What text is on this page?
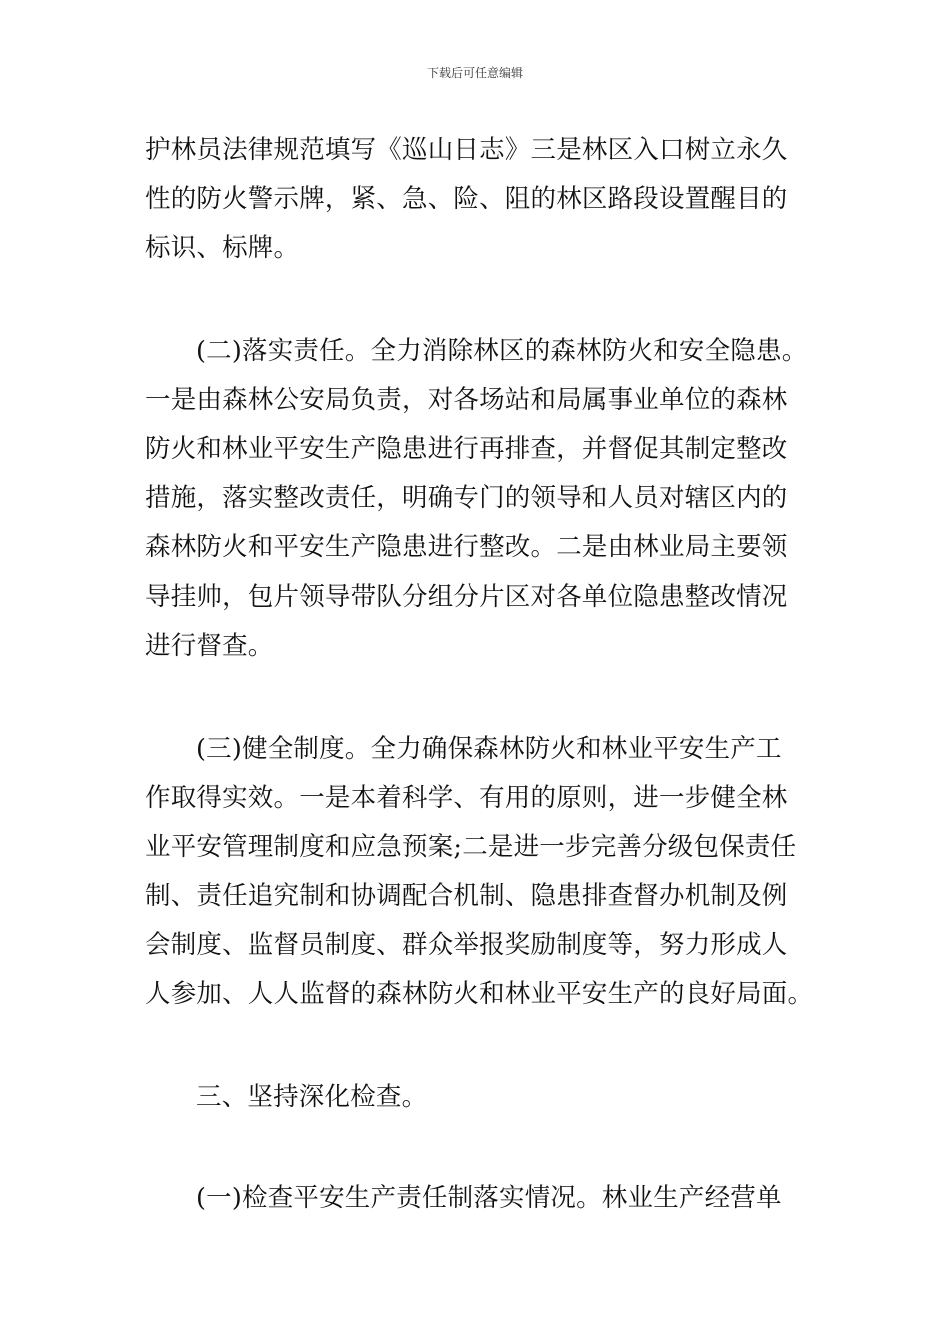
下载后可任意编辑
护林员法律规范填写《巡山日志》三是林区入口树立永久
性的防火警示牌，紧、急、险、阻的林区路段设置醒目的
标识、标牌。
(二)落实责任。全力消除林区的森林防火和安全隐患。
一是由森林公安局负责，对各场站和局属事业单位的森林
防火和林业平安生产隐患进行再排查，并督促其制定整改
措施，落实整改责任，明确专门的领导和人员对辖区内的
森林防火和平安生产隐患进行整改。二是由林业局主要领
导挂帅，包片领导带队分组分片区对各单位隐患整改情况
进行督查。
(三)健全制度。全力确保森林防火和林业平安生产工
作取得实效。一是本着科学、有用的原则，进一步健全林
业平安管理制度和应急预案;二是进一步完善分级包保责任
制、责任追究制和协调配合机制、隐患排查督办机制及例
会制度、监督员制度、群众举报奖励制度等，努力形成人
人参加、人人监督的森林防火和林业平安生产的良好局面。
三、坚持深化检查。
(一)检查平安生产责任制落实情况。林业生产经营单
